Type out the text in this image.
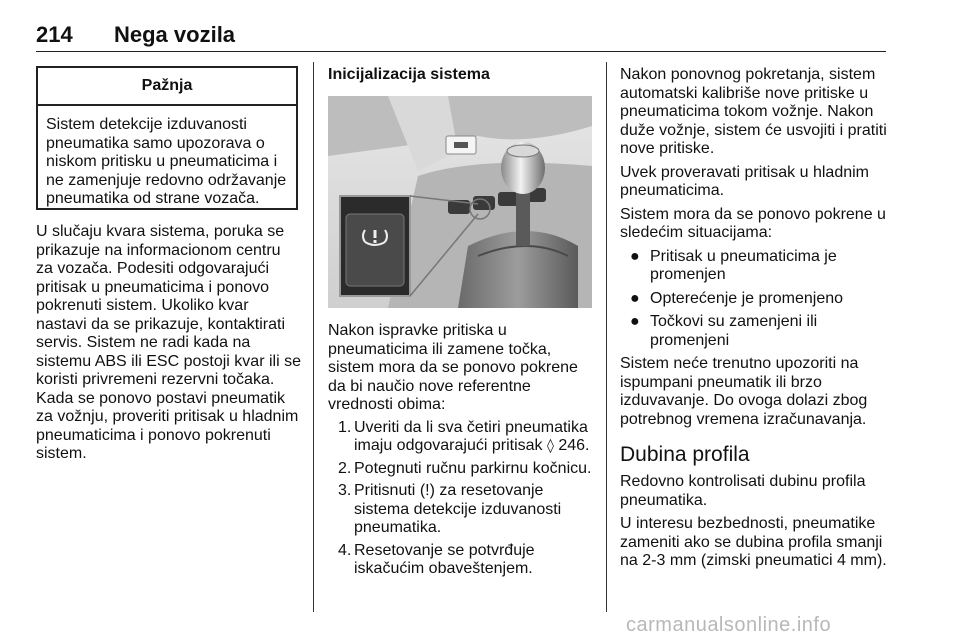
214 Nega vozila
Pažnja
Sistem detekcije izduvanosti pneumatika samo upozorava o niskom pritisku u pneumaticima i ne zamenjuje redovno održavanje pneumatika od strane vozača.
U slučaju kvara sistema, poruka se prikazuje na informacionom centru za vozača. Podesiti odgovarajući pritisak u pneumaticima i ponovo pokrenuti sistem. Ukoliko kvar nastavi da se prikazuje, kontaktirati servis. Sistem ne radi kada na sistemu ABS ili ESC postoji kvar ili se koristi privremeni rezervni točaka. Kada se ponovo postavi pneumatik za vožnju, proveriti pritisak u hladnim pneumaticima i ponovo pokrenuti sistem.
Inicijalizacija sistema

Nakon ispravke pritiska u pneumaticima ili zamene točka, sistem mora da se ponovo pokrene da bi naučio nove referentne vrednosti obima:

1. Uveriti da li sva četiri pneumatika imaju odgovarajući pritisak ◊ 246.
2. Potegnuti ručnu parkirnu kočnicu.
3. Pritisnuti (!) za resetovanje sistema detekcije izduvanosti pneumatika.
4. Resetovanje se potvrđuje iskačućim obaveštenjem.

Nakon ponovnog pokretanja, sistem automatski kalibriše nove pritiske u pneumaticima tokom vožnje. Nakon duže vožnje, sistem će usvojiti i pratiti nove pritiske.

Uvek proveravati pritisak u hladnim pneumaticima.

Sistem mora da se ponovo pokrene u sledećim situacijama:

● Pritisak u pneumaticima je promenjen
● Opterećenje je promenjeno
● Točkovi su zamenjeni ili promenjeni

Sistem neće trenutno upozoriti na ispumpani pneumatik ili brzo izduvavanje. Do ovoga dolazi zbog potrebnog vremena izračunavanja.

Dubina profila

Redovno kontrolisati dubinu profila pneumatika.

U interesu bezbednosti, pneumatike zameniti ako se dubina profila smanji na 2-3 mm (zimski pneumatici 4 mm).

carmanualsonline.info
